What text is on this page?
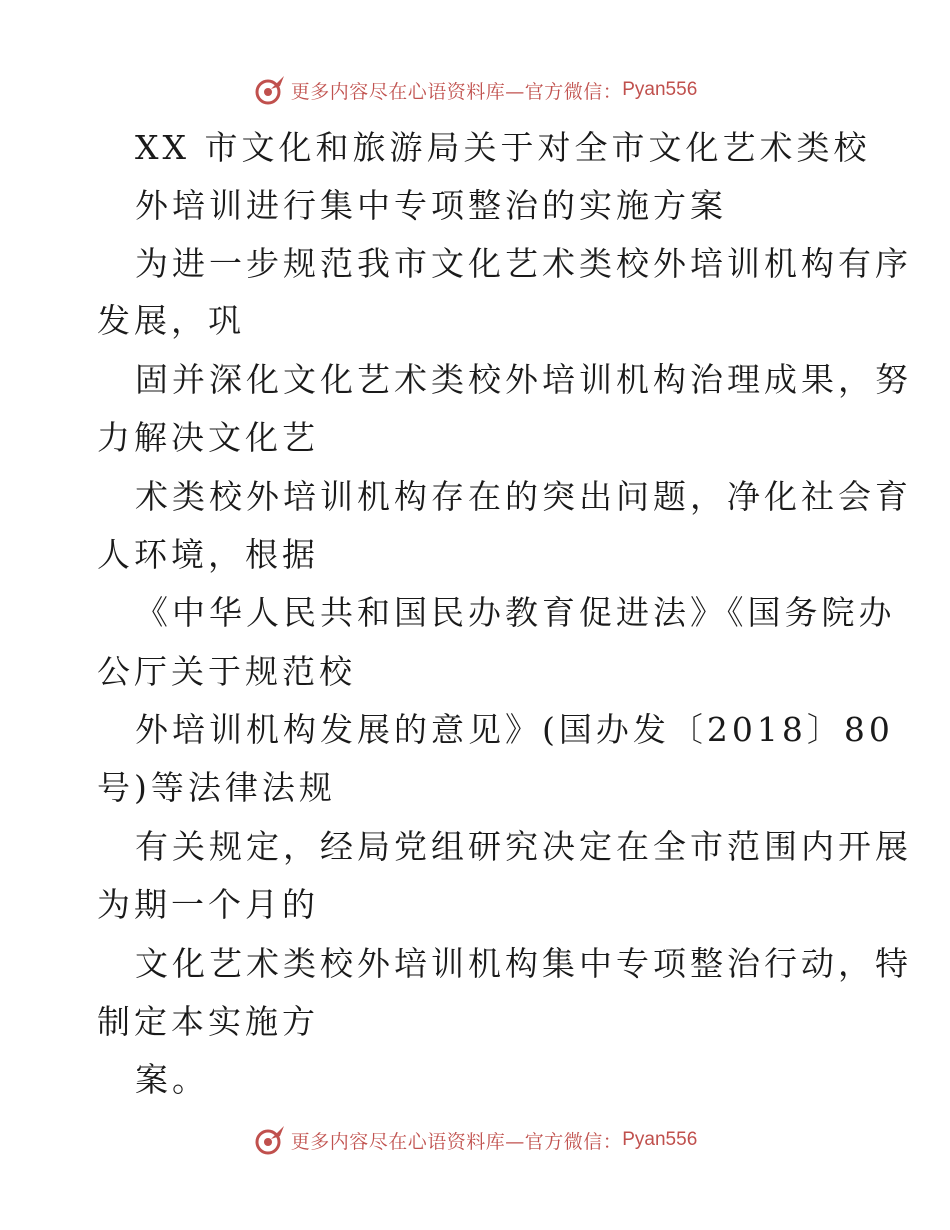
更多内容尽在心语资料库—官方微信： Pyan556
XX 市文化和旅游局关于对全市文化艺术类校
外培训进行集中专项整治的实施方案
为进一步规范我市文化艺术类校外培训机构有序
发展，巩
固并深化文化艺术类校外培训机构治理成果，努
力解决文化艺
术类校外培训机构存在的突出问题，净化社会育
人环境，根据
《中华人民共和国民办教育促进法》《国务院办
公厅关于规范校
外培训机构发展的意见》(国办发〔2018〕80
号)等法律法规
有关规定，经局党组研究决定在全市范围内开展
为期一个月的
文化艺术类校外培训机构集中专项整治行动，特
制定本实施方
案。
更多内容尽在心语资料库—官方微信： Pyan556
